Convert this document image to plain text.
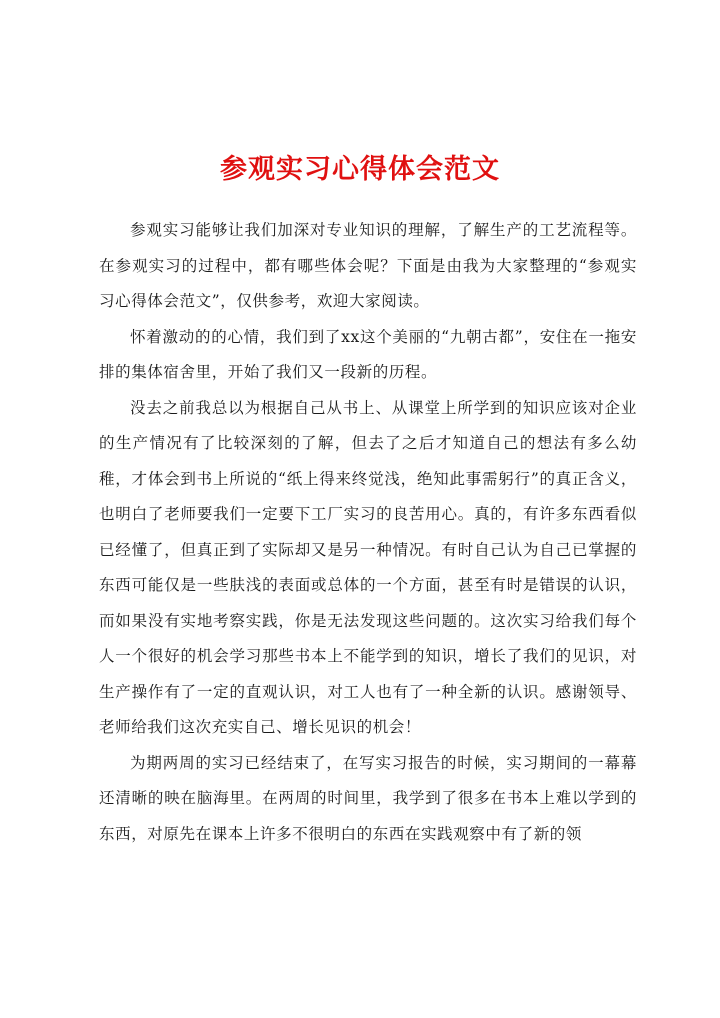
参观实习心得体会范文

参观实习能够让我们加深对专业知识的理解，了解生产的工艺流程等。在参观实习的过程中，都有哪些体会呢？下面是由我为大家整理的“参观实习心得体会范文”，仅供参考，欢迎大家阅读。

怀着激动的的心情，我们到了xx这个美丽的“九朝古都”，安住在一拖安排的集体宿舍里，开始了我们又一段新的历程。

没去之前我总以为根据自己从书上、从课堂上所学到的知识应该对企业的生产情况有了比较深刻的了解，但去了之后才知道自己的想法有多么幼稚，才体会到书上所说的“纸上得来终觉浅，绝知此事需躬行”的真正含义，也明白了老师要我们一定要下工厂实习的良苦用心。真的，有许多东西看似已经懂了，但真正到了实际却又是另一种情况。有时自己认为自己已掌握的东西可能仅是一些肤浅的表面或总体的一个方面，甚至有时是错误的认识，而如果没有实地考察实践，你是无法发现这些问题的。这次实习给我们每个人一个很好的机会学习那些书本上不能学到的知识，增长了我们的见识，对生产操作有了一定的直观认识，对工人也有了一种全新的认识。感谢领导、老师给我们这次充实自己、增长见识的机会！

为期两周的实习已经结束了，在写实习报告的时候，实习期间的一幕幕还清晰的映在脑海里。在两周的时间里，我学到了很多在书本上难以学到的东西，对原先在课本上许多不很明白的东西在实践观察中有了新的领
